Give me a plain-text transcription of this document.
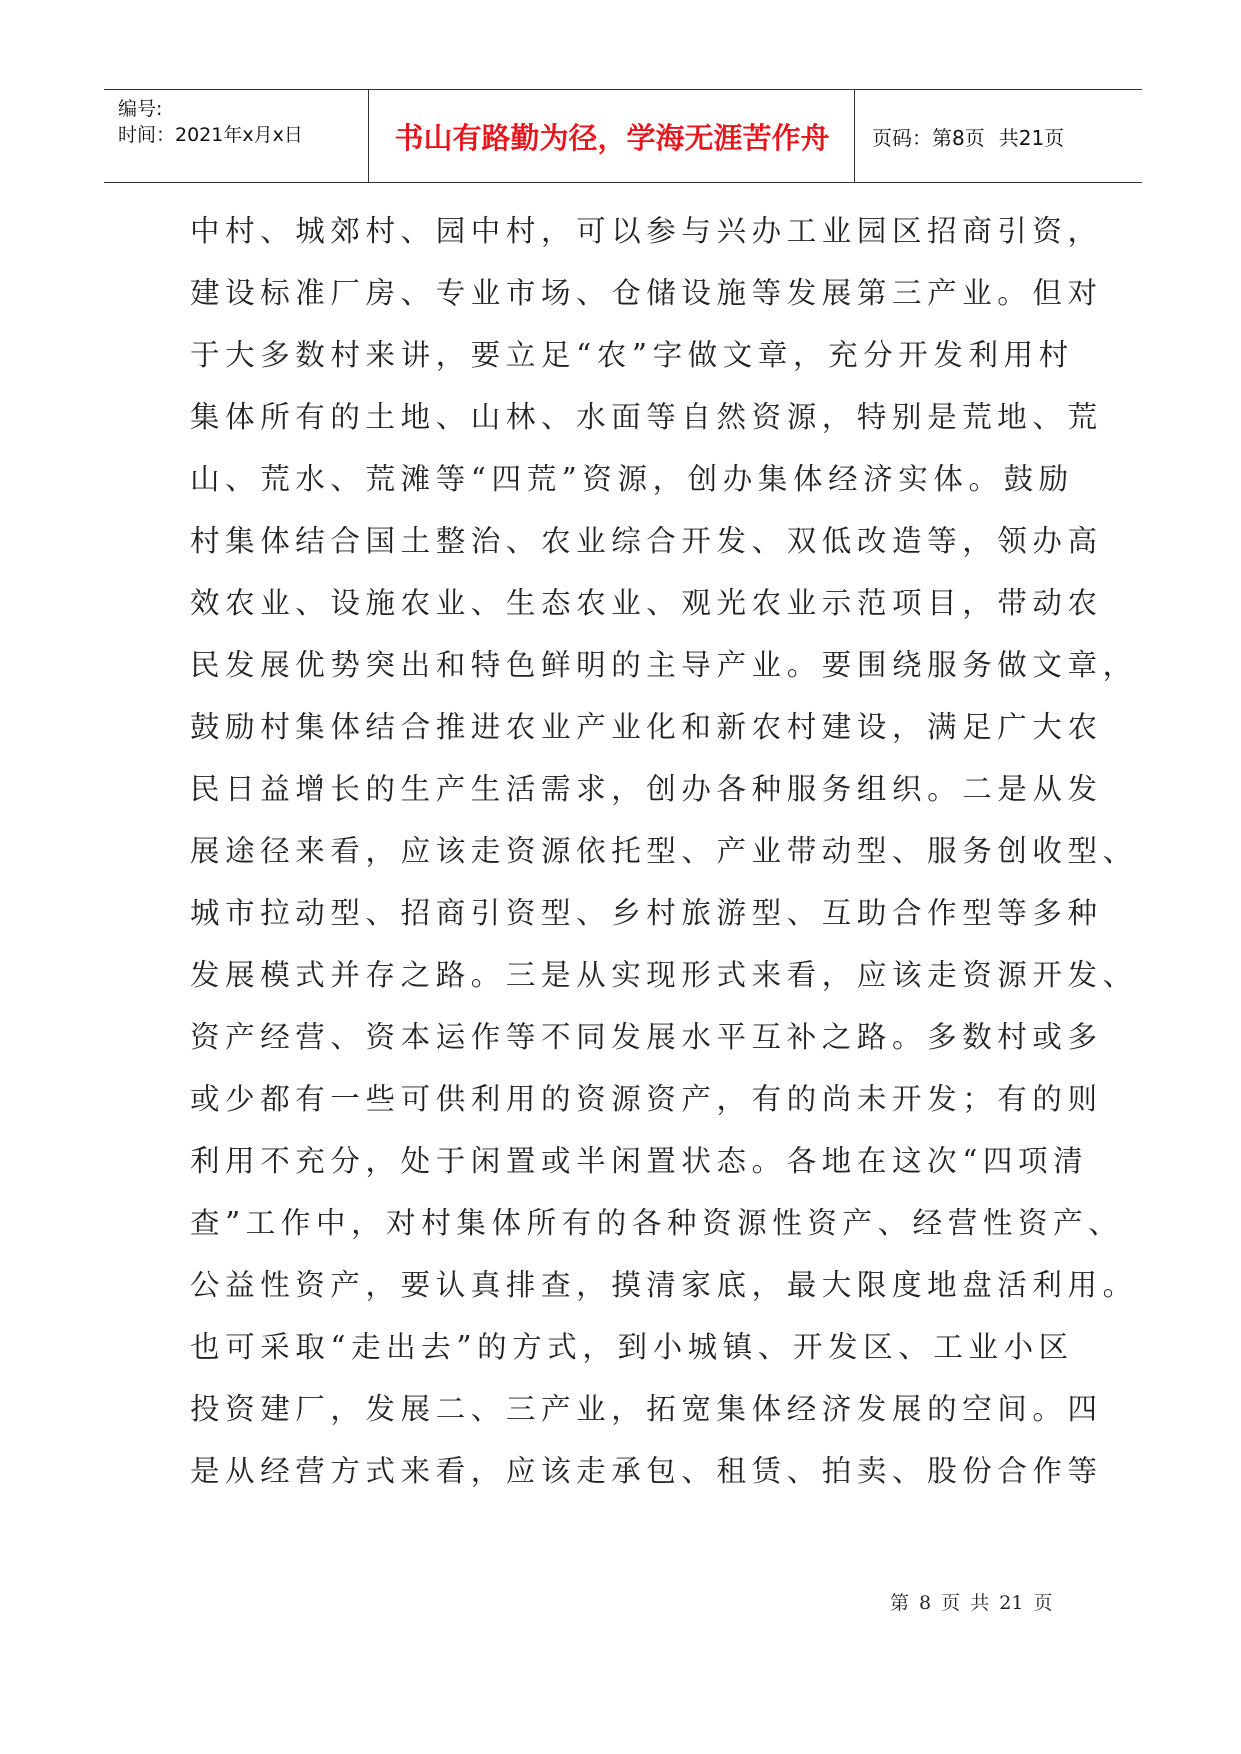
编号:
时间：2021年x月x日	书山有路勤为径，学海无涯苦作舟	页码：第8页 共21页
中村、城郊村、园中村，可以参与兴办工业园区招商引资，
建设标准厂房、专业市场、仓储设施等发展第三产业。但对
于大多数村来讲，要立足“农”字做文章，充分开发利用村
集体所有的土地、山林、水面等自然资源，特别是荒地、荒
山、荒水、荒滩等“四荒”资源，创办集体经济实体。鼓励
村集体结合国土整治、农业综合开发、双低改造等，领办高
效农业、设施农业、生态农业、观光农业示范项目，带动农
民发展优势突出和特色鲜明的主导产业。要围绕服务做文章，
鼓励村集体结合推进农业产业化和新农村建设，满足广大农
民日益增长的生产生活需求，创办各种服务组织。二是从发
展途径来看，应该走资源依托型、产业带动型、服务创收型、
城市拉动型、招商引资型、乡村旅游型、互助合作型等多种
发展模式并存之路。三是从实现形式来看，应该走资源开发、
资产经营、资本运作等不同发展水平互补之路。多数村或多
或少都有一些可供利用的资源资产，有的尚未开发；有的则
利用不充分，处于闲置或半闲置状态。各地在这次“四项清
查”工作中，对村集体所有的各种资源性资产、经营性资产、
公益性资产，要认真排查，摸清家底，最大限度地盘活利用。
也可采取“走出去”的方式，到小城镇、开发区、工业小区
投资建厂，发展二、三产业，拓宽集体经济发展的空间。四
是从经营方式来看，应该走承包、租赁、拍卖、股份合作等
第 8 页 共 21 页
